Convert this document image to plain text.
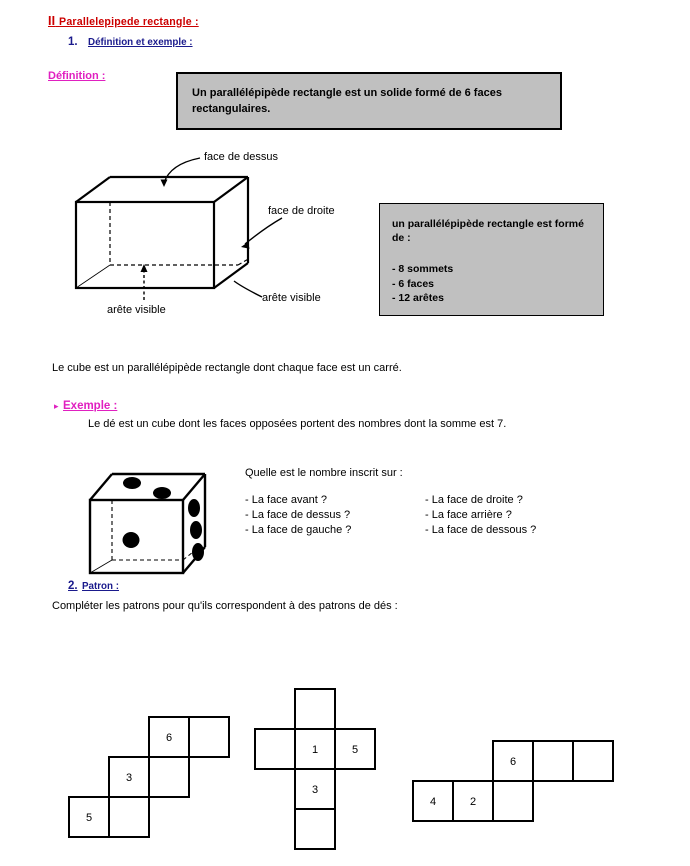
II Parallelepipede rectangle :
1. Définition et exemple :
Définition :
Un parallélépipède rectangle est un solide formé de 6 faces rectangulaires.
face de dessus
face de droite
arête visible
arête visible
un parallélépipède rectangle est formé de :
- 8 sommets
- 6 faces
- 12 arêtes
Le cube est un parallélépipède rectangle dont chaque face est un carré.
▸ Exemple :
Le dé est un cube dont les faces opposées portent des nombres dont la somme est 7.
Quelle est le nombre inscrit sur :
- La face avant ?
- La face de dessus ?
- La face de gauche ?
- La face de droite ?
- La face arrière ?
- La face de dessous ?
2. Patron :
Compléter les patrons pour qu'ils correspondent à des patrons de dés :
6
3
5
1	5
3
6
4	2
